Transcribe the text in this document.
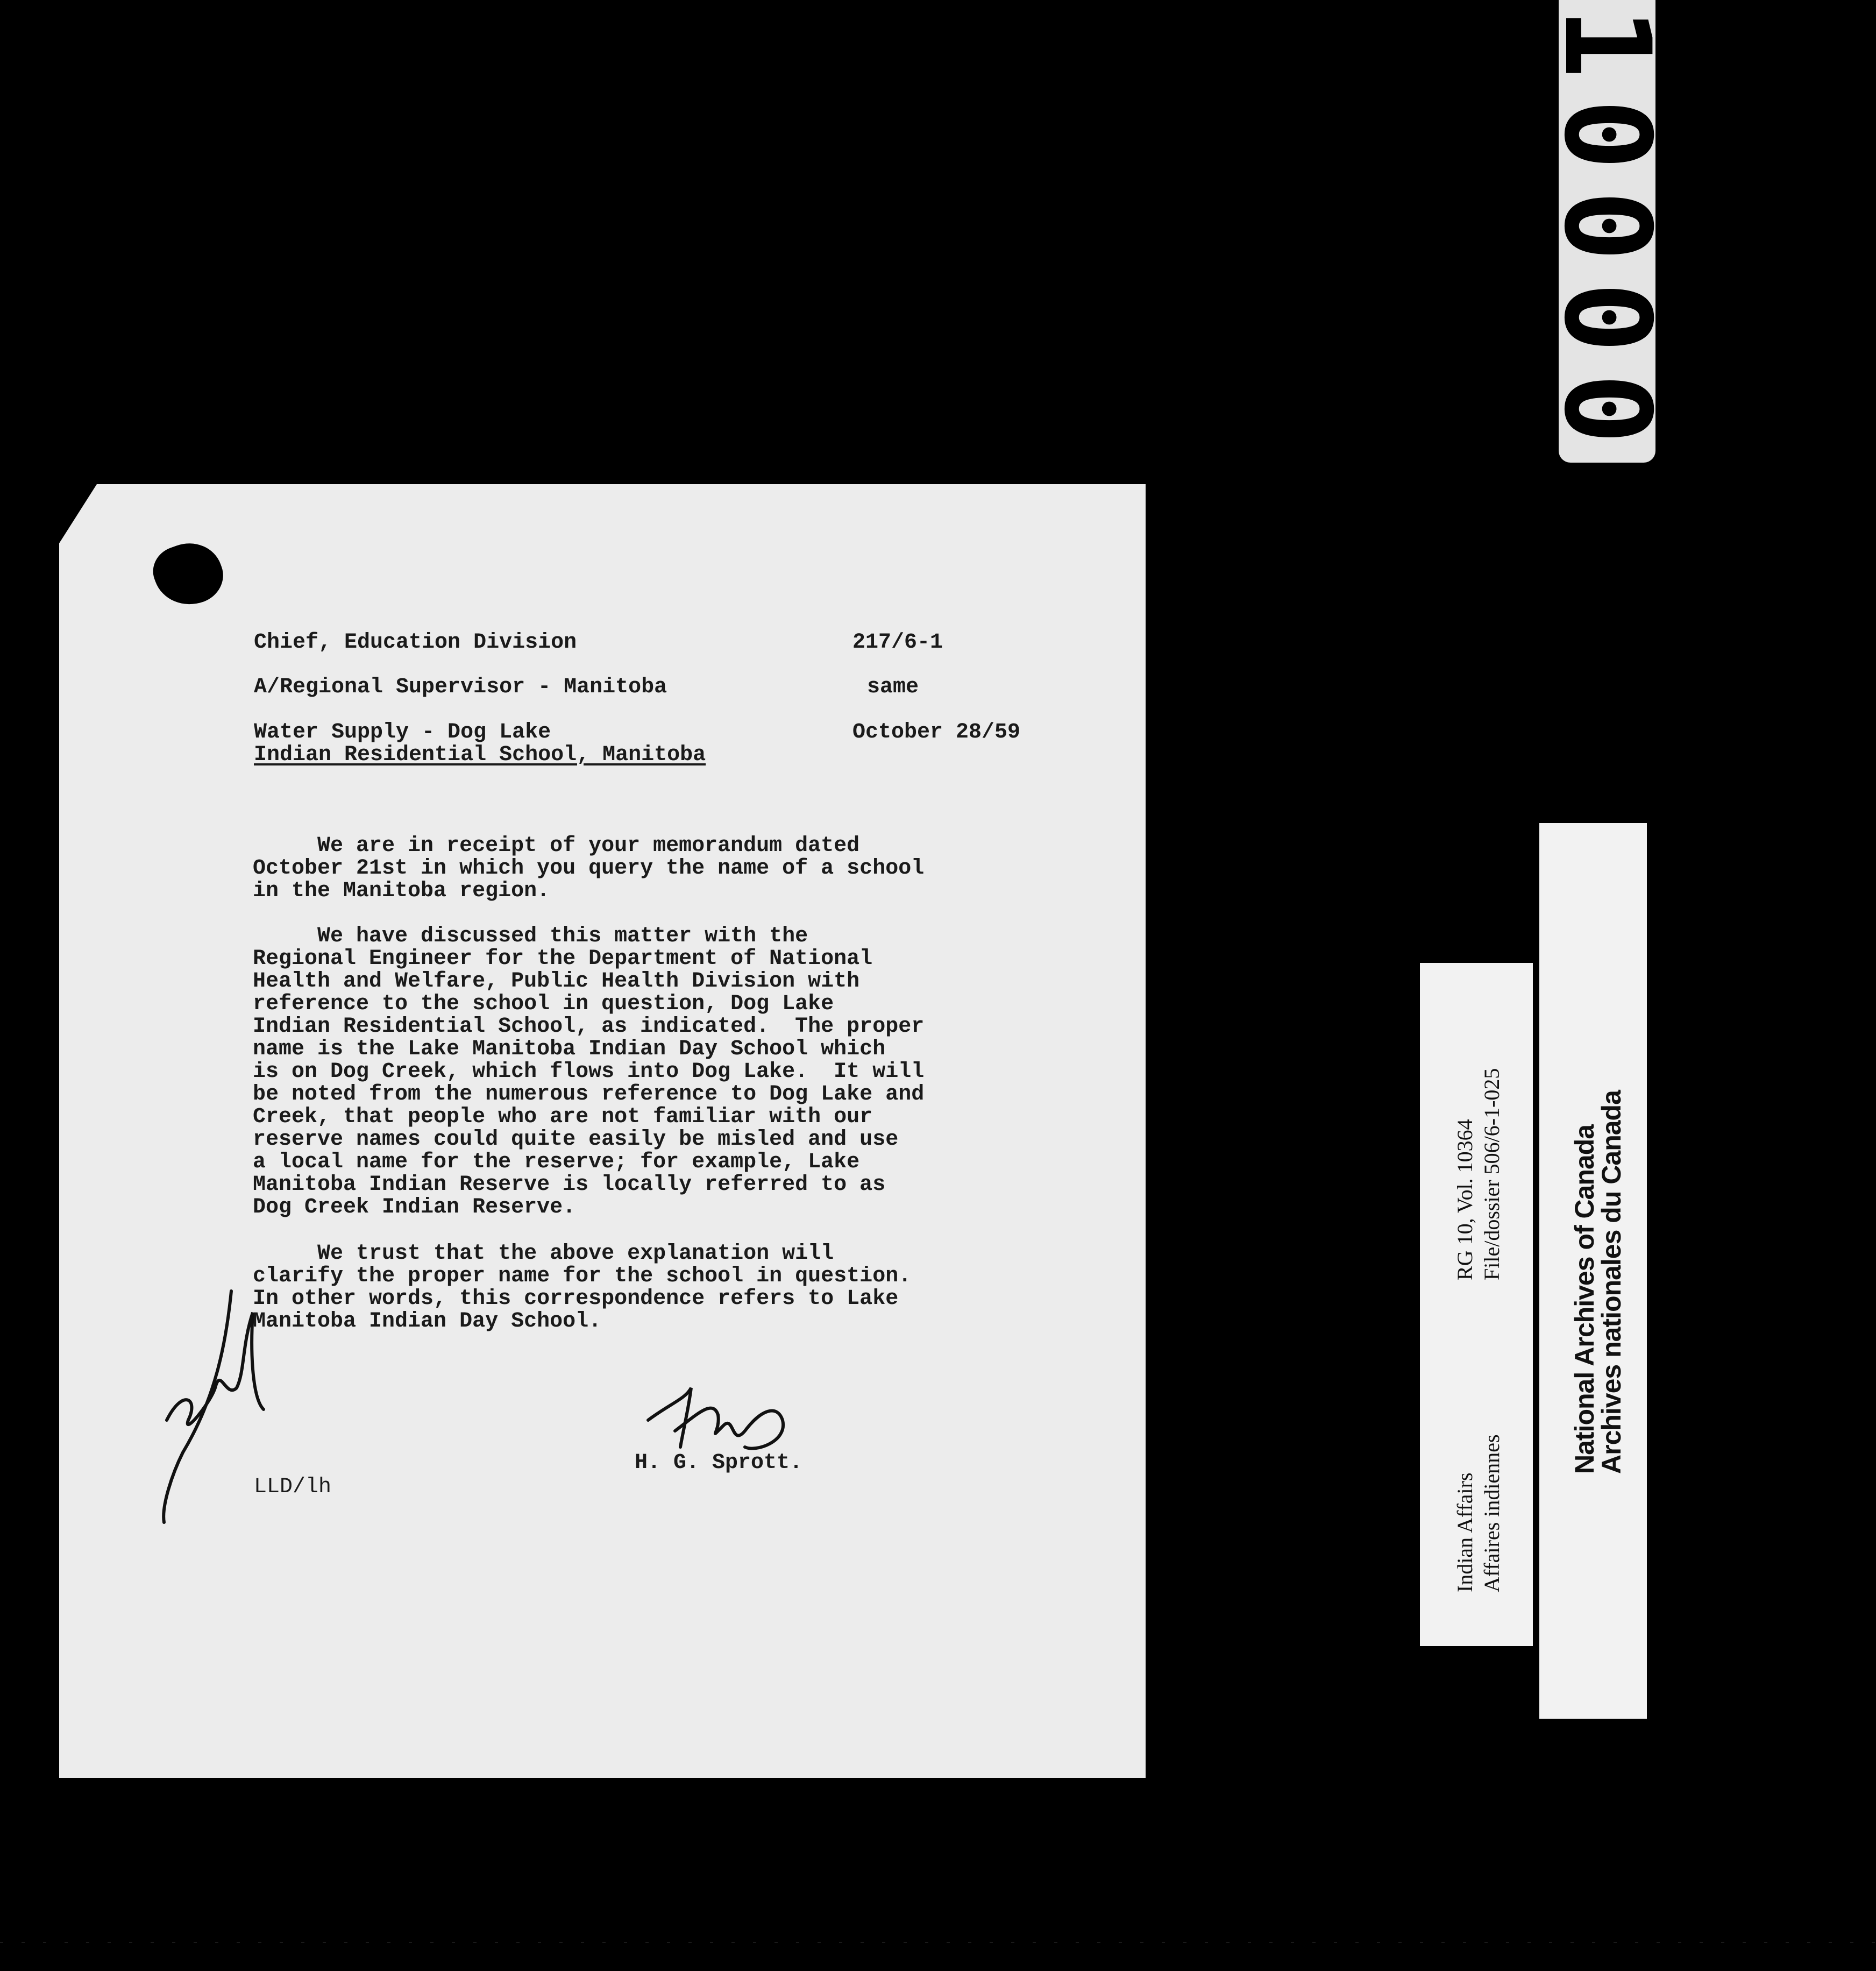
1
0
0
0
0
Chief, Education Division	217/6-1
A/Regional Supervisor - Manitoba	same
Water Supply - Dog Lake	October 28/59
Indian Residential School, Manitoba
We are in receipt of your memorandum dated
October 21st in which you query the name of a school
in the Manitoba region.
We have discussed this matter with the
Regional Engineer for the Department of National
Health and Welfare, Public Health Division with
reference to the school in question, Dog Lake
Indian Residential School, as indicated.  The proper
name is the Lake Manitoba Indian Day School which
is on Dog Creek, which flows into Dog Lake.  It will
be noted from the numerous reference to Dog Lake and
Creek, that people who are not familiar with our
reserve names could quite easily be misled and use
a local name for the reserve; for example, Lake
Manitoba Indian Reserve is locally referred to as
Dog Creek Indian Reserve.
We trust that the above explanation will
clarify the proper name for the school in question.
In other words, this correspondence refers to Lake
Manitoba Indian Day School.
H. G. Sprott.
LLD/lh	Indian Affairs Affaires indiennes
RG 10, Vol. 10364 File/dossier 506/6-1-025 National Archives of Canada
Archives nationales du Canada
